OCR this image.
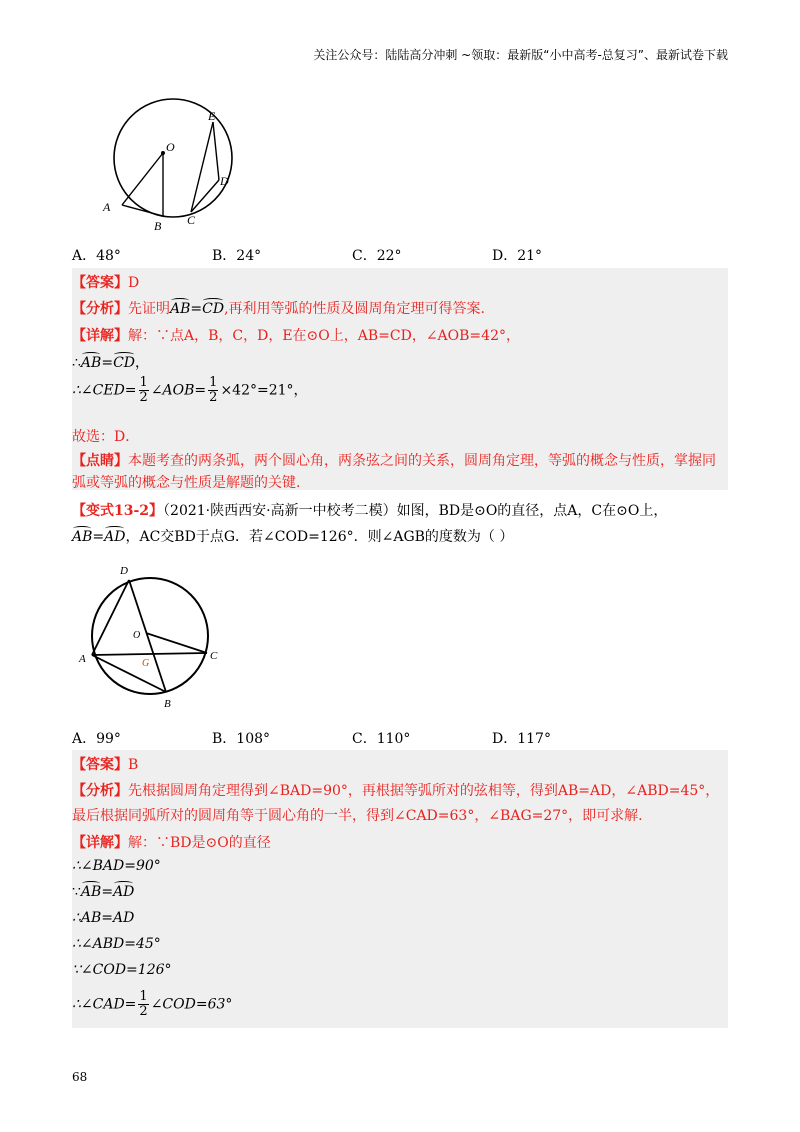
关注公众号：陆陆高分冲刺 ~领取：最新版“小中高考-总复习”、最新试卷下载
O
A
B C
D
E
A．48°	B．24°	C．22°	D．21°
【答案】D
【分析】先证明AB=CD,再利用等弧的性质及圆周角定理可得答案.
【详解】解：∵点A，B，C，D，E在⊙O上，AB=CD，∠AOB=42°，
∴AB=CD，
∴∠CED= $\frac{1}{2}$ ∠AOB= $\frac{1}{2} \times 42^\circ=21^\circ$，
故选：D．
【点睛】本题考查的两条弧，两个圆心角，两条弦之间的关系，圆周角定理，等弧的概念与性质，掌握同
弧或等弧的概念与性质是解题的关键.
【变式13-2】（2021·陕西西安·高新一中校考二模）如图，BD是⊙O的直径，点A，C在⊙O上，
AB=AD，AC交BD于点G．若∠COD=126°．则∠AGB的度数为（ ）
D
O
A	G
C
B
A．99°	B．108°	C．110°	D．117°
【答案】B
【分析】先根据圆周角定理得到∠BAD=90°，再根据等弧所对的弦相等，得到AB=AD，∠ABD=45°，
最后根据同弧所对的圆周角等于圆心角的一半，得到∠CAD=63°，∠BAG=27°，即可求解.
【详解】解：∵BD是⊙O的直径
∴∠BAD=90°
∵AB=AD
∴AB=AD
∴∠ABD=45°
∵∠COD=126°
∴∠CAD= $\frac{1}{2}$ ∠COD=63°
68
